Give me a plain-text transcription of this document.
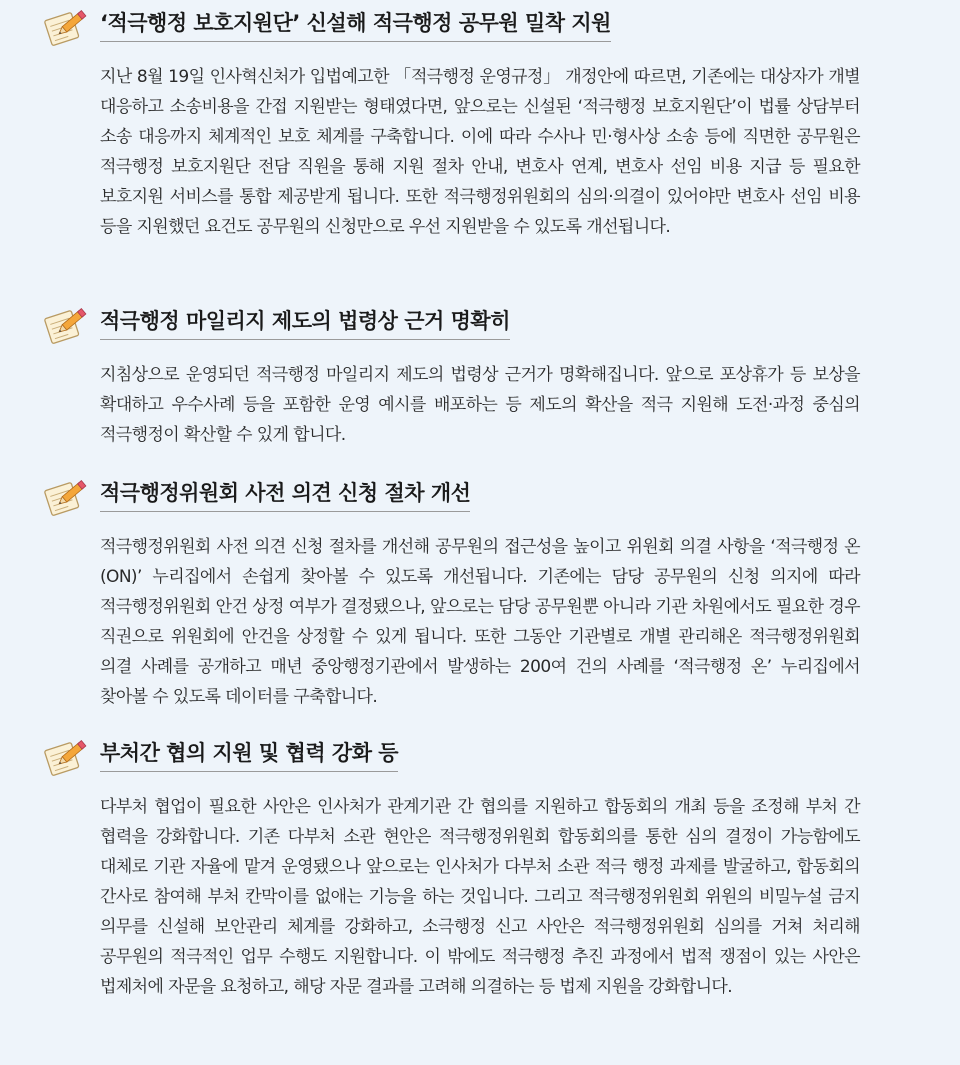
‘적극행정 보호지원단’ 신설해 적극행정 공무원 밀착 지원

지난 8월 19일 인사혁신처가 입법예고한 「적극행정 운영규정」 개정안에 따르면, 기존에는 대상자가 개별 대응하고 소송비용을 간접 지원받는 형태였다면, 앞으로는 신설된 ‘적극행정 보호지원단’이 법률 상담부터 소송 대응까지 체계적인 보호 체계를 구축합니다. 이에 따라 수사나 민·형사상 소송 등에 직면한 공무원은 적극행정 보호지원단 전담 직원을 통해 지원 절차 안내, 변호사 연계, 변호사 선임 비용 지급 등 필요한 보호지원 서비스를 통합 제공받게 됩니다. 또한 적극행정위원회의 심의·의결이 있어야만 변호사 선임 비용 등을 지원했던 요건도 공무원의 신청만으로 우선 지원받을 수 있도록 개선됩니다.

적극행정 마일리지 제도의 법령상 근거 명확히

지침상으로 운영되던 적극행정 마일리지 제도의 법령상 근거가 명확해집니다. 앞으로 포상휴가 등 보상을 확대하고 우수사례 등을 포함한 운영 예시를 배포하는 등 제도의 확산을 적극 지원해 도전·과정 중심의 적극행정이 확산할 수 있게 합니다.

적극행정위원회 사전 의견 신청 절차 개선

적극행정위원회 사전 의견 신청 절차를 개선해 공무원의 접근성을 높이고 위원회 의결 사항을 ‘적극행정 온(ON)’ 누리집에서 손쉽게 찾아볼 수 있도록 개선됩니다. 기존에는 담당 공무원의 신청 의지에 따라 적극행정위원회 안건 상정 여부가 결정됐으나, 앞으로는 담당 공무원뿐 아니라 기관 차원에서도 필요한 경우 직권으로 위원회에 안건을 상정할 수 있게 됩니다. 또한 그동안 기관별로 개별 관리해온 적극행정위원회 의결 사례를 공개하고 매년 중앙행정기관에서 발생하는 200여 건의 사례를 ‘적극행정 온’ 누리집에서 찾아볼 수 있도록 데이터를 구축합니다.

부처간 협의 지원 및 협력 강화 등

다부처 협업이 필요한 사안은 인사처가 관계기관 간 협의를 지원하고 합동회의 개최 등을 조정해 부처 간 협력을 강화합니다. 기존 다부처 소관 현안은 적극행정위원회 합동회의를 통한 심의 결정이 가능함에도 대체로 기관 자율에 맡겨 운영됐으나 앞으로는 인사처가 다부처 소관 적극 행정 과제를 발굴하고, 합동회의 간사로 참여해 부처 칸막이를 없애는 기능을 하는 것입니다. 그리고 적극행정위원회 위원의 비밀누설 금지 의무를 신설해 보안관리 체계를 강화하고, 소극행정 신고 사안은 적극행정위원회 심의를 거쳐 처리해 공무원의 적극적인 업무 수행도 지원합니다. 이 밖에도 적극행정 추진 과정에서 법적 쟁점이 있는 사안은 법제처에 자문을 요청하고, 해당 자문 결과를 고려해 의결하는 등 법제 지원을 강화합니다.
